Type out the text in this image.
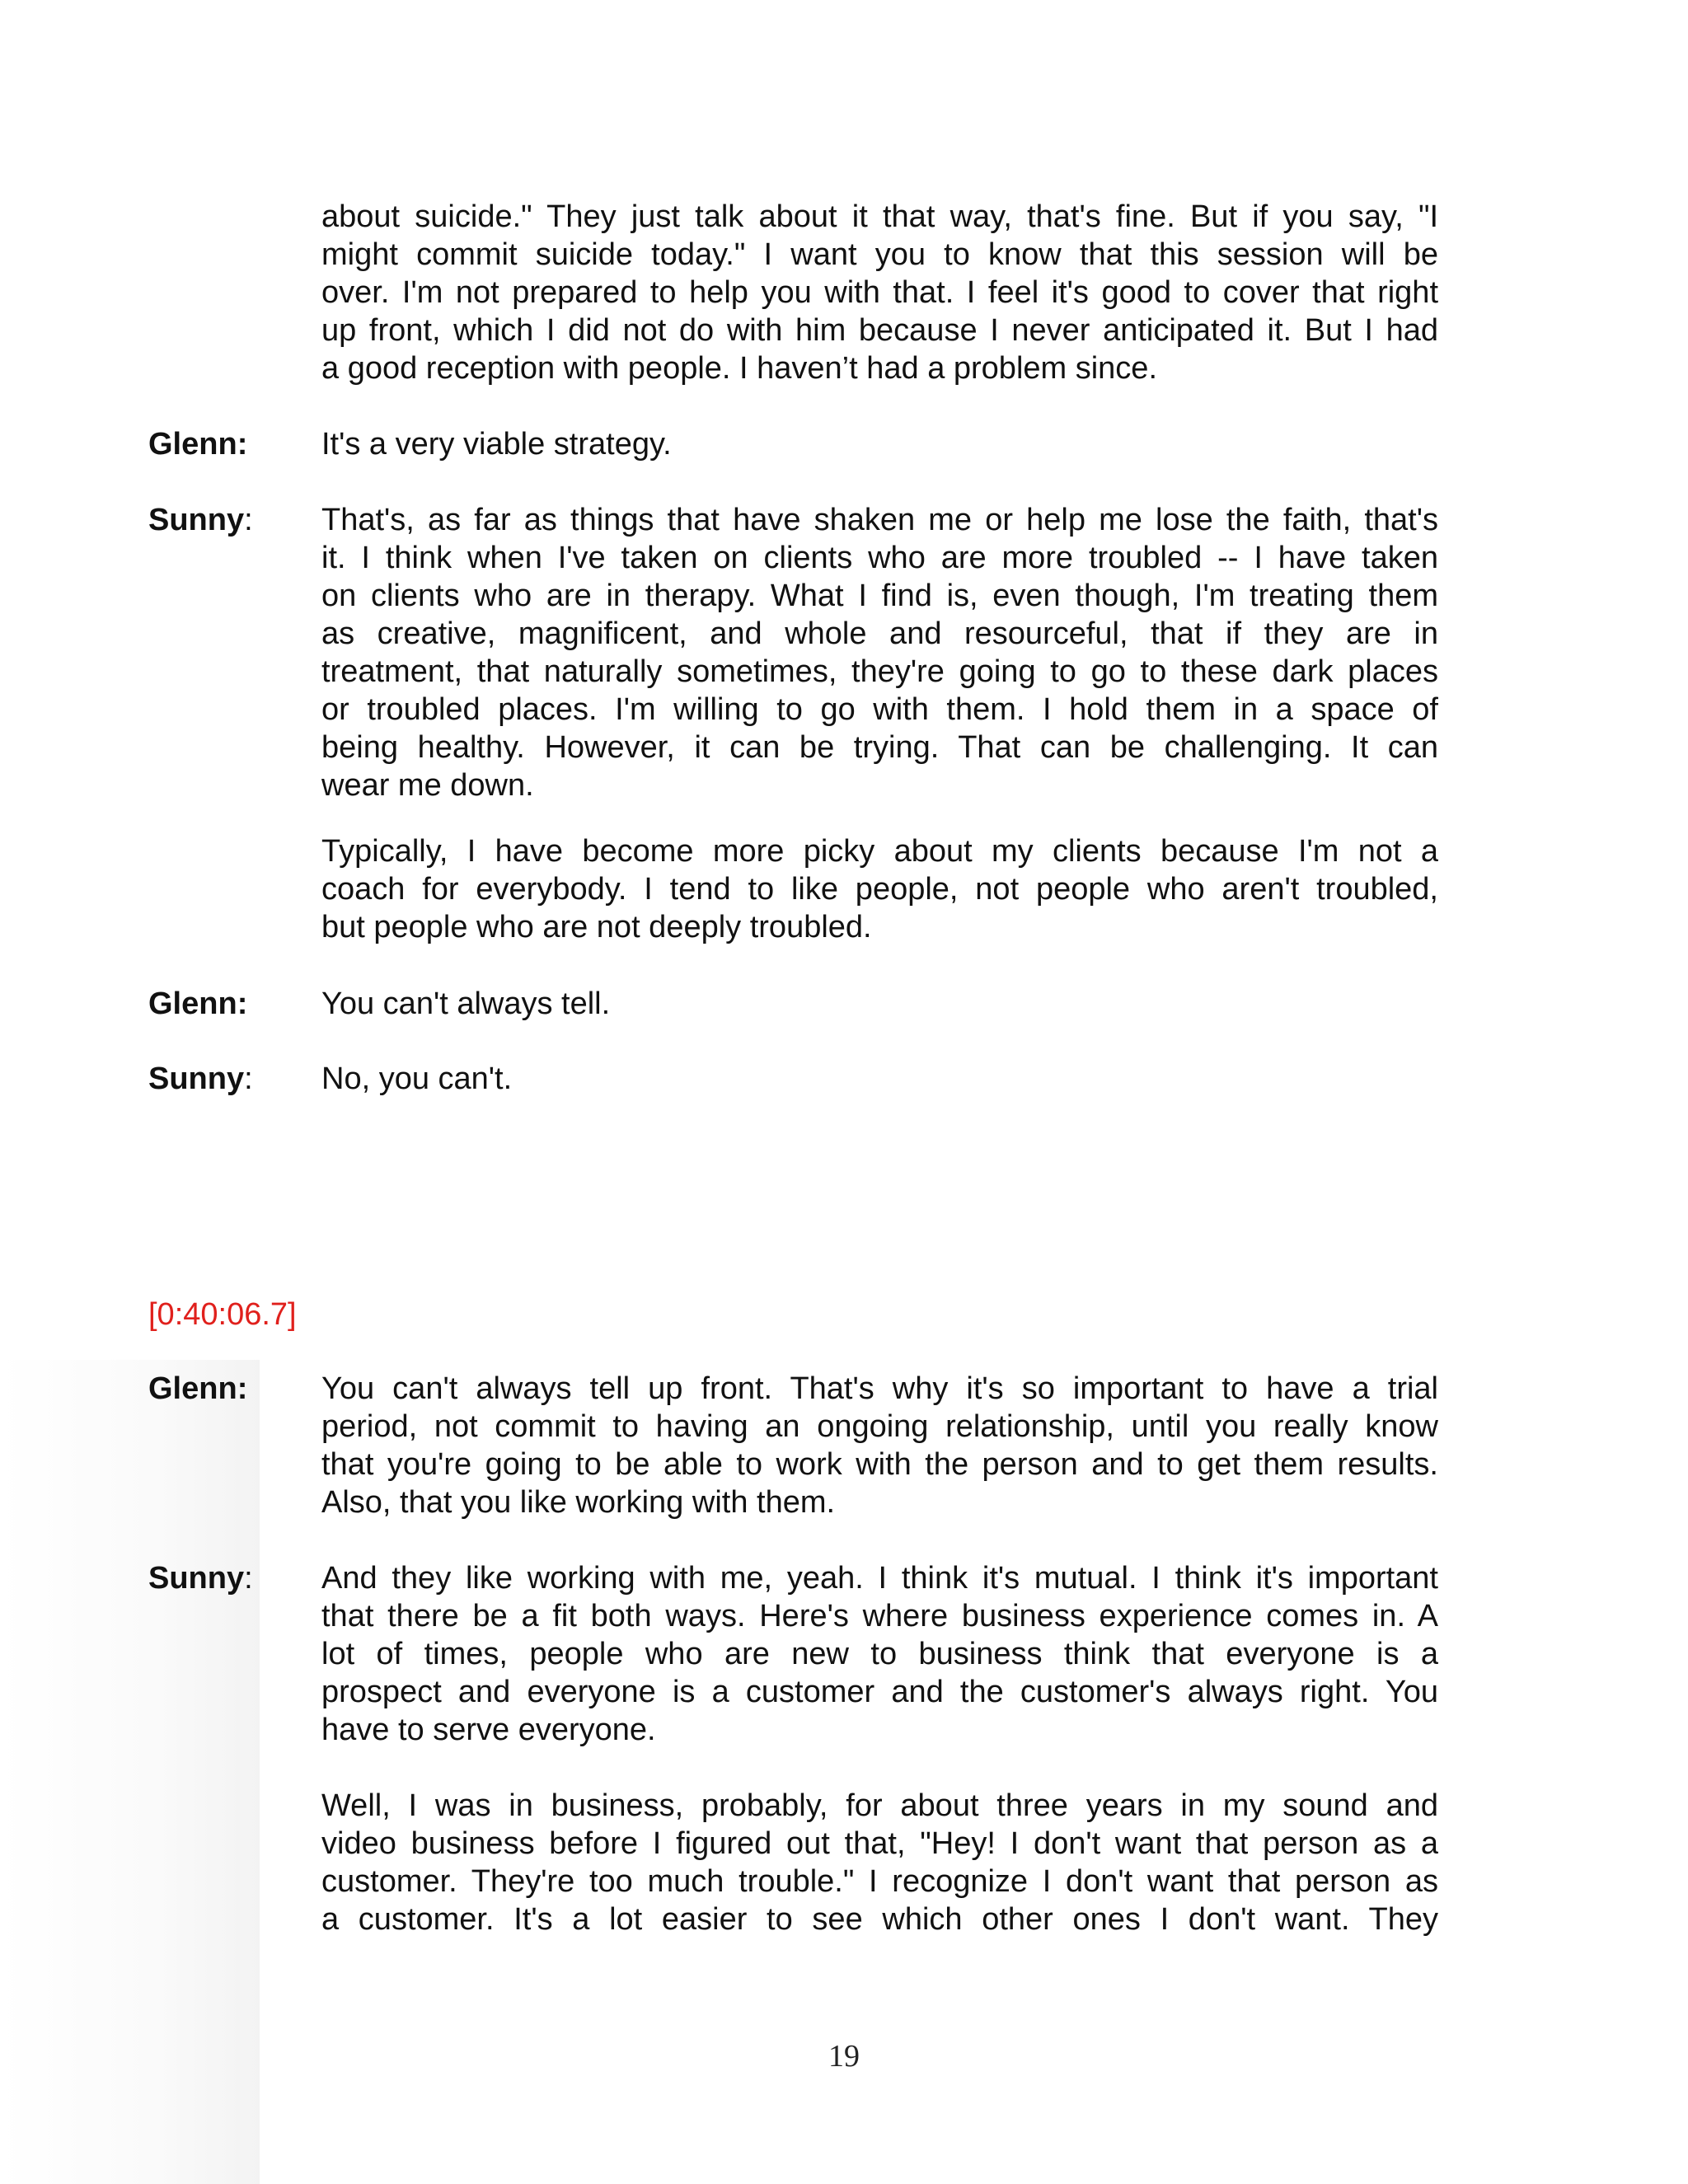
about suicide." They just talk about it that way, that's fine. But if you say, "I
might commit suicide today." I want you to know that this session will be
over. I'm not prepared to help you with that. I feel it's good to cover that right
up front, which I did not do with him because I never anticipated it. But I had
a good reception with people. I haven’t had a problem since.
Glenn:	It's a very viable strategy.
Sunny:	That's, as far as things that have shaken me or help me lose the faith, that's
it. I think when I've taken on clients who are more troubled -- I have taken
on clients who are in therapy. What I find is, even though, I'm treating them
as creative, magnificent, and whole and resourceful, that if they are in
treatment, that naturally sometimes, they're going to go to these dark places
or troubled places. I'm willing to go with them. I hold them in a space of
being healthy. However, it can be trying. That can be challenging. It can
wear me down.
Typically, I have become more picky about my clients because I'm not a
coach for everybody. I tend to like people, not people who aren't troubled,
but people who are not deeply troubled.
Glenn:	You can't always tell.
Sunny:	No, you can't.
[0:40:06.7]
Glenn:	You can't always tell up front. That's why it's so important to have a trial
period, not commit to having an ongoing relationship, until you really know
that you're going to be able to work with the person and to get them results.
Also, that you like working with them.
Sunny:	And they like working with me, yeah. I think it's mutual. I think it's important
that there be a fit both ways. Here's where business experience comes in. A
lot of times, people who are new to business think that everyone is a
prospect and everyone is a customer and the customer's always right. You
have to serve everyone.
Well, I was in business, probably, for about three years in my sound and
video business before I figured out that, "Hey! I don't want that person as a
customer. They're too much trouble." I recognize I don't want that person as
a customer. It's a lot easier to see which other ones I don't want. They
19
